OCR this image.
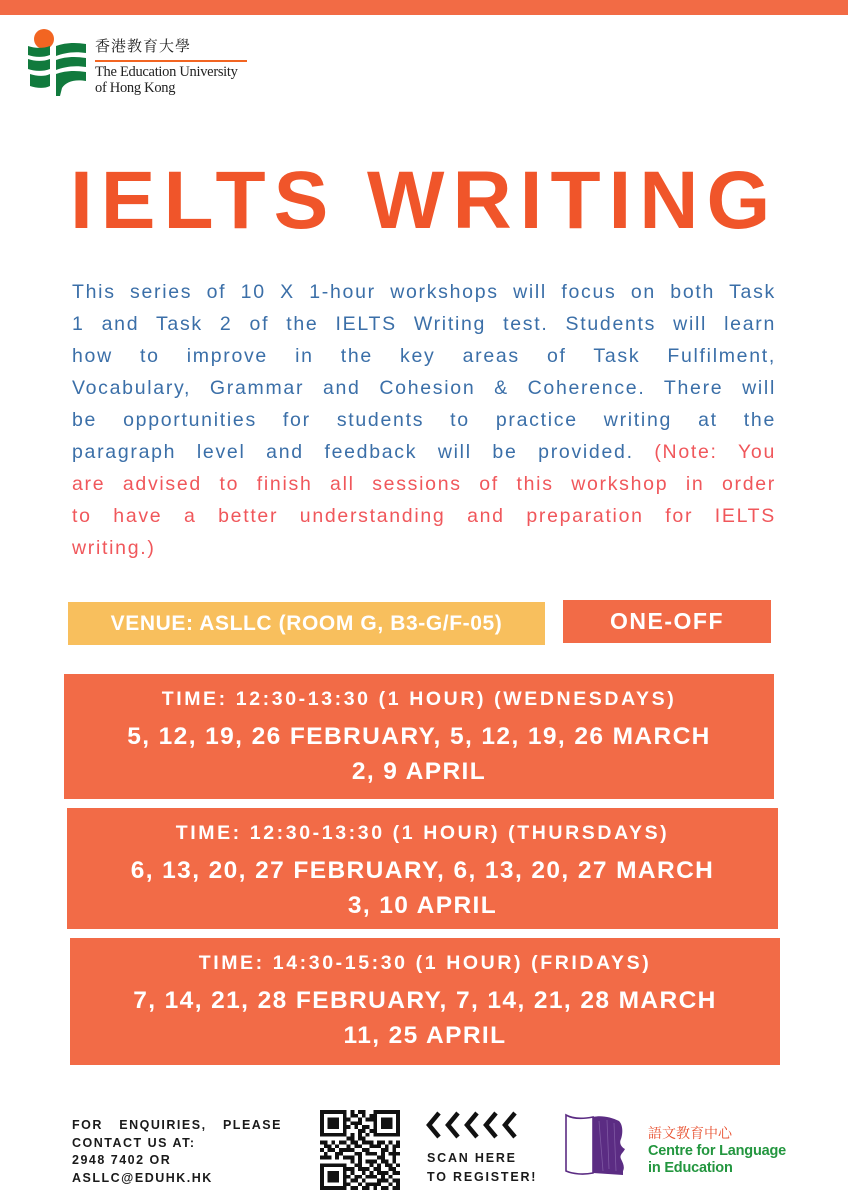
香港教育大學
The Education University
of Hong Kong
IELTS WRITING
This series of 10 X 1-hour workshops will focus on both Task
1 and Task 2 of the IELTS Writing test. Students will learn
how to improve in the key areas of Task Fulfilment,
Vocabulary, Grammar and Cohesion & Coherence. There will
be opportunities for students to practice writing at the
paragraph level and feedback will be provided. (Note: You
are advised to finish all sessions of this workshop in order
to have a better understanding and preparation for IELTS
writing.)
VENUE: ASLLC (ROOM G, B3-G/F-05)	ONE-OFF
TIME: 12:30-13:30 (1 HOUR) (WEDNESDAYS)
5, 12, 19, 26 FEBRUARY, 5, 12, 19, 26 MARCH
2, 9 APRIL
TIME: 12:30-13:30 (1 HOUR) (THURSDAYS)
6, 13, 20, 27 FEBRUARY, 6, 13, 20, 27 MARCH
3, 10 APRIL
TIME: 14:30-15:30 (1 HOUR) (FRIDAYS)
7, 14, 21, 28 FEBRUARY, 7, 14, 21, 28 MARCH
11, 25 APRIL
FOR ENQUIRIES, PLEASE
CONTACT US AT:
2948 7402 OR
ASLLC@EDUHK.HK
SCAN HERE
TO REGISTER!
語文教育中心
Centre for Language
in Education
